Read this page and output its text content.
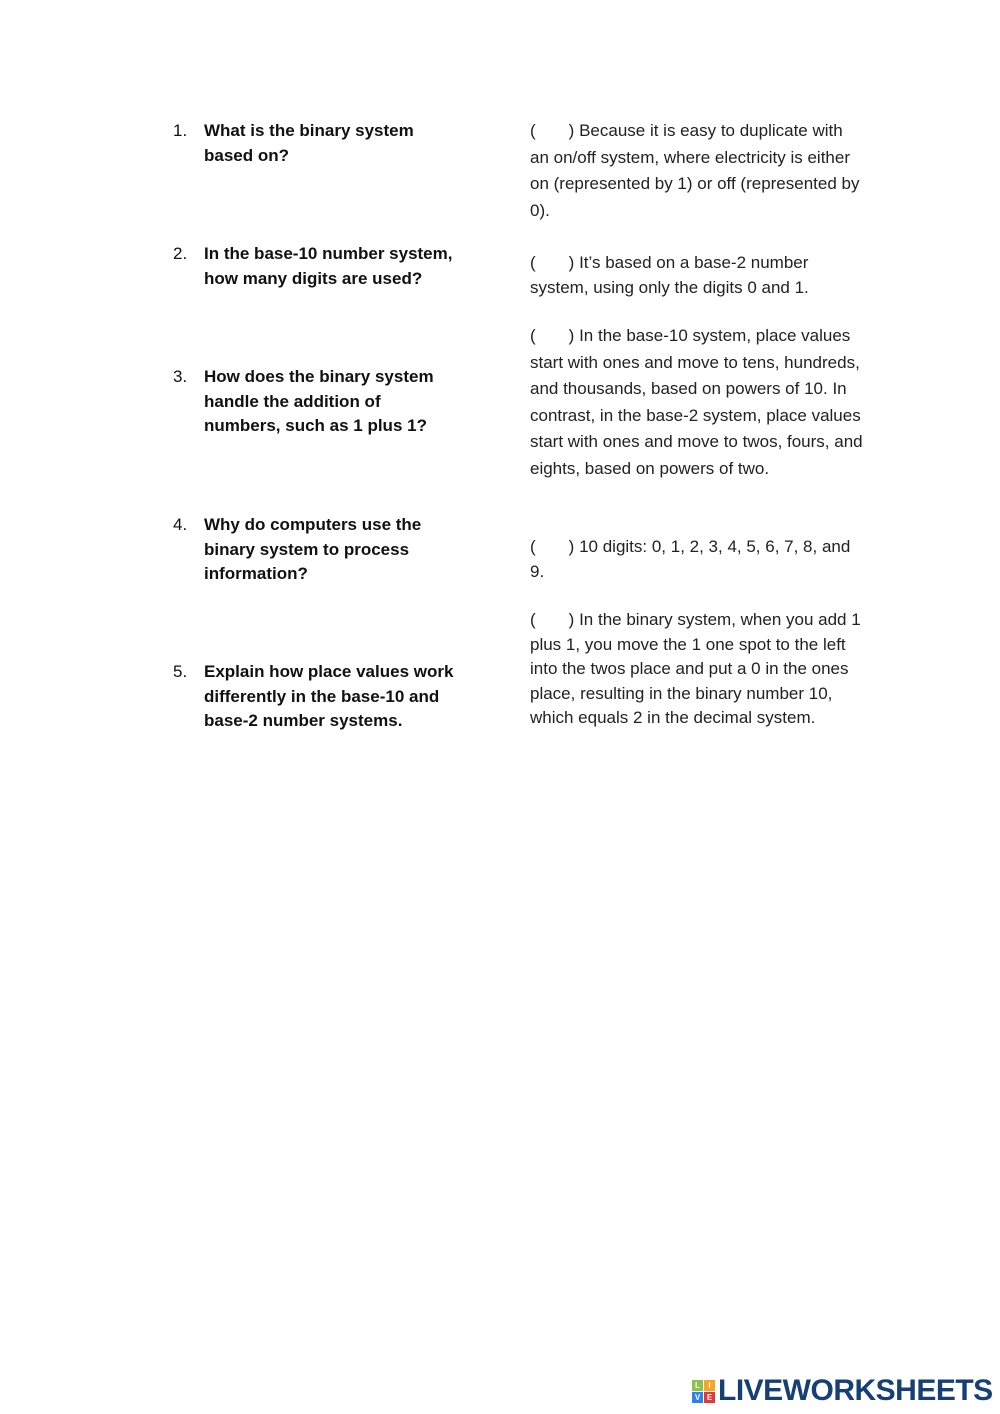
1. What is the binary system based on?
2. In the base-10 number system, how many digits are used?
3. How does the binary system handle the addition of numbers, such as 1 plus 1?
4. Why do computers use the binary system to process information?
5. Explain how place values work differently in the base-10 and base-2 number systems.
( ) Because it is easy to duplicate with an on/off system, where electricity is either on (represented by 1) or off (represented by 0).
( ) It’s based on a base-2 number system, using only the digits 0 and 1.
( ) In the base-10 system, place values start with ones and move to tens, hundreds, and thousands, based on powers of 10. In contrast, in the base-2 system, place values start with ones and move to twos, fours, and eights, based on powers of two.
( ) 10 digits: 0, 1, 2, 3, 4, 5, 6, 7, 8, and 9.
( ) In the binary system, when you add 1 plus 1, you move the 1 one spot to the left into the twos place and put a 0 in the ones place, resulting in the binary number 10, which equals 2 in the decimal system.
L	I
V E LIVEWORKSHEETS
